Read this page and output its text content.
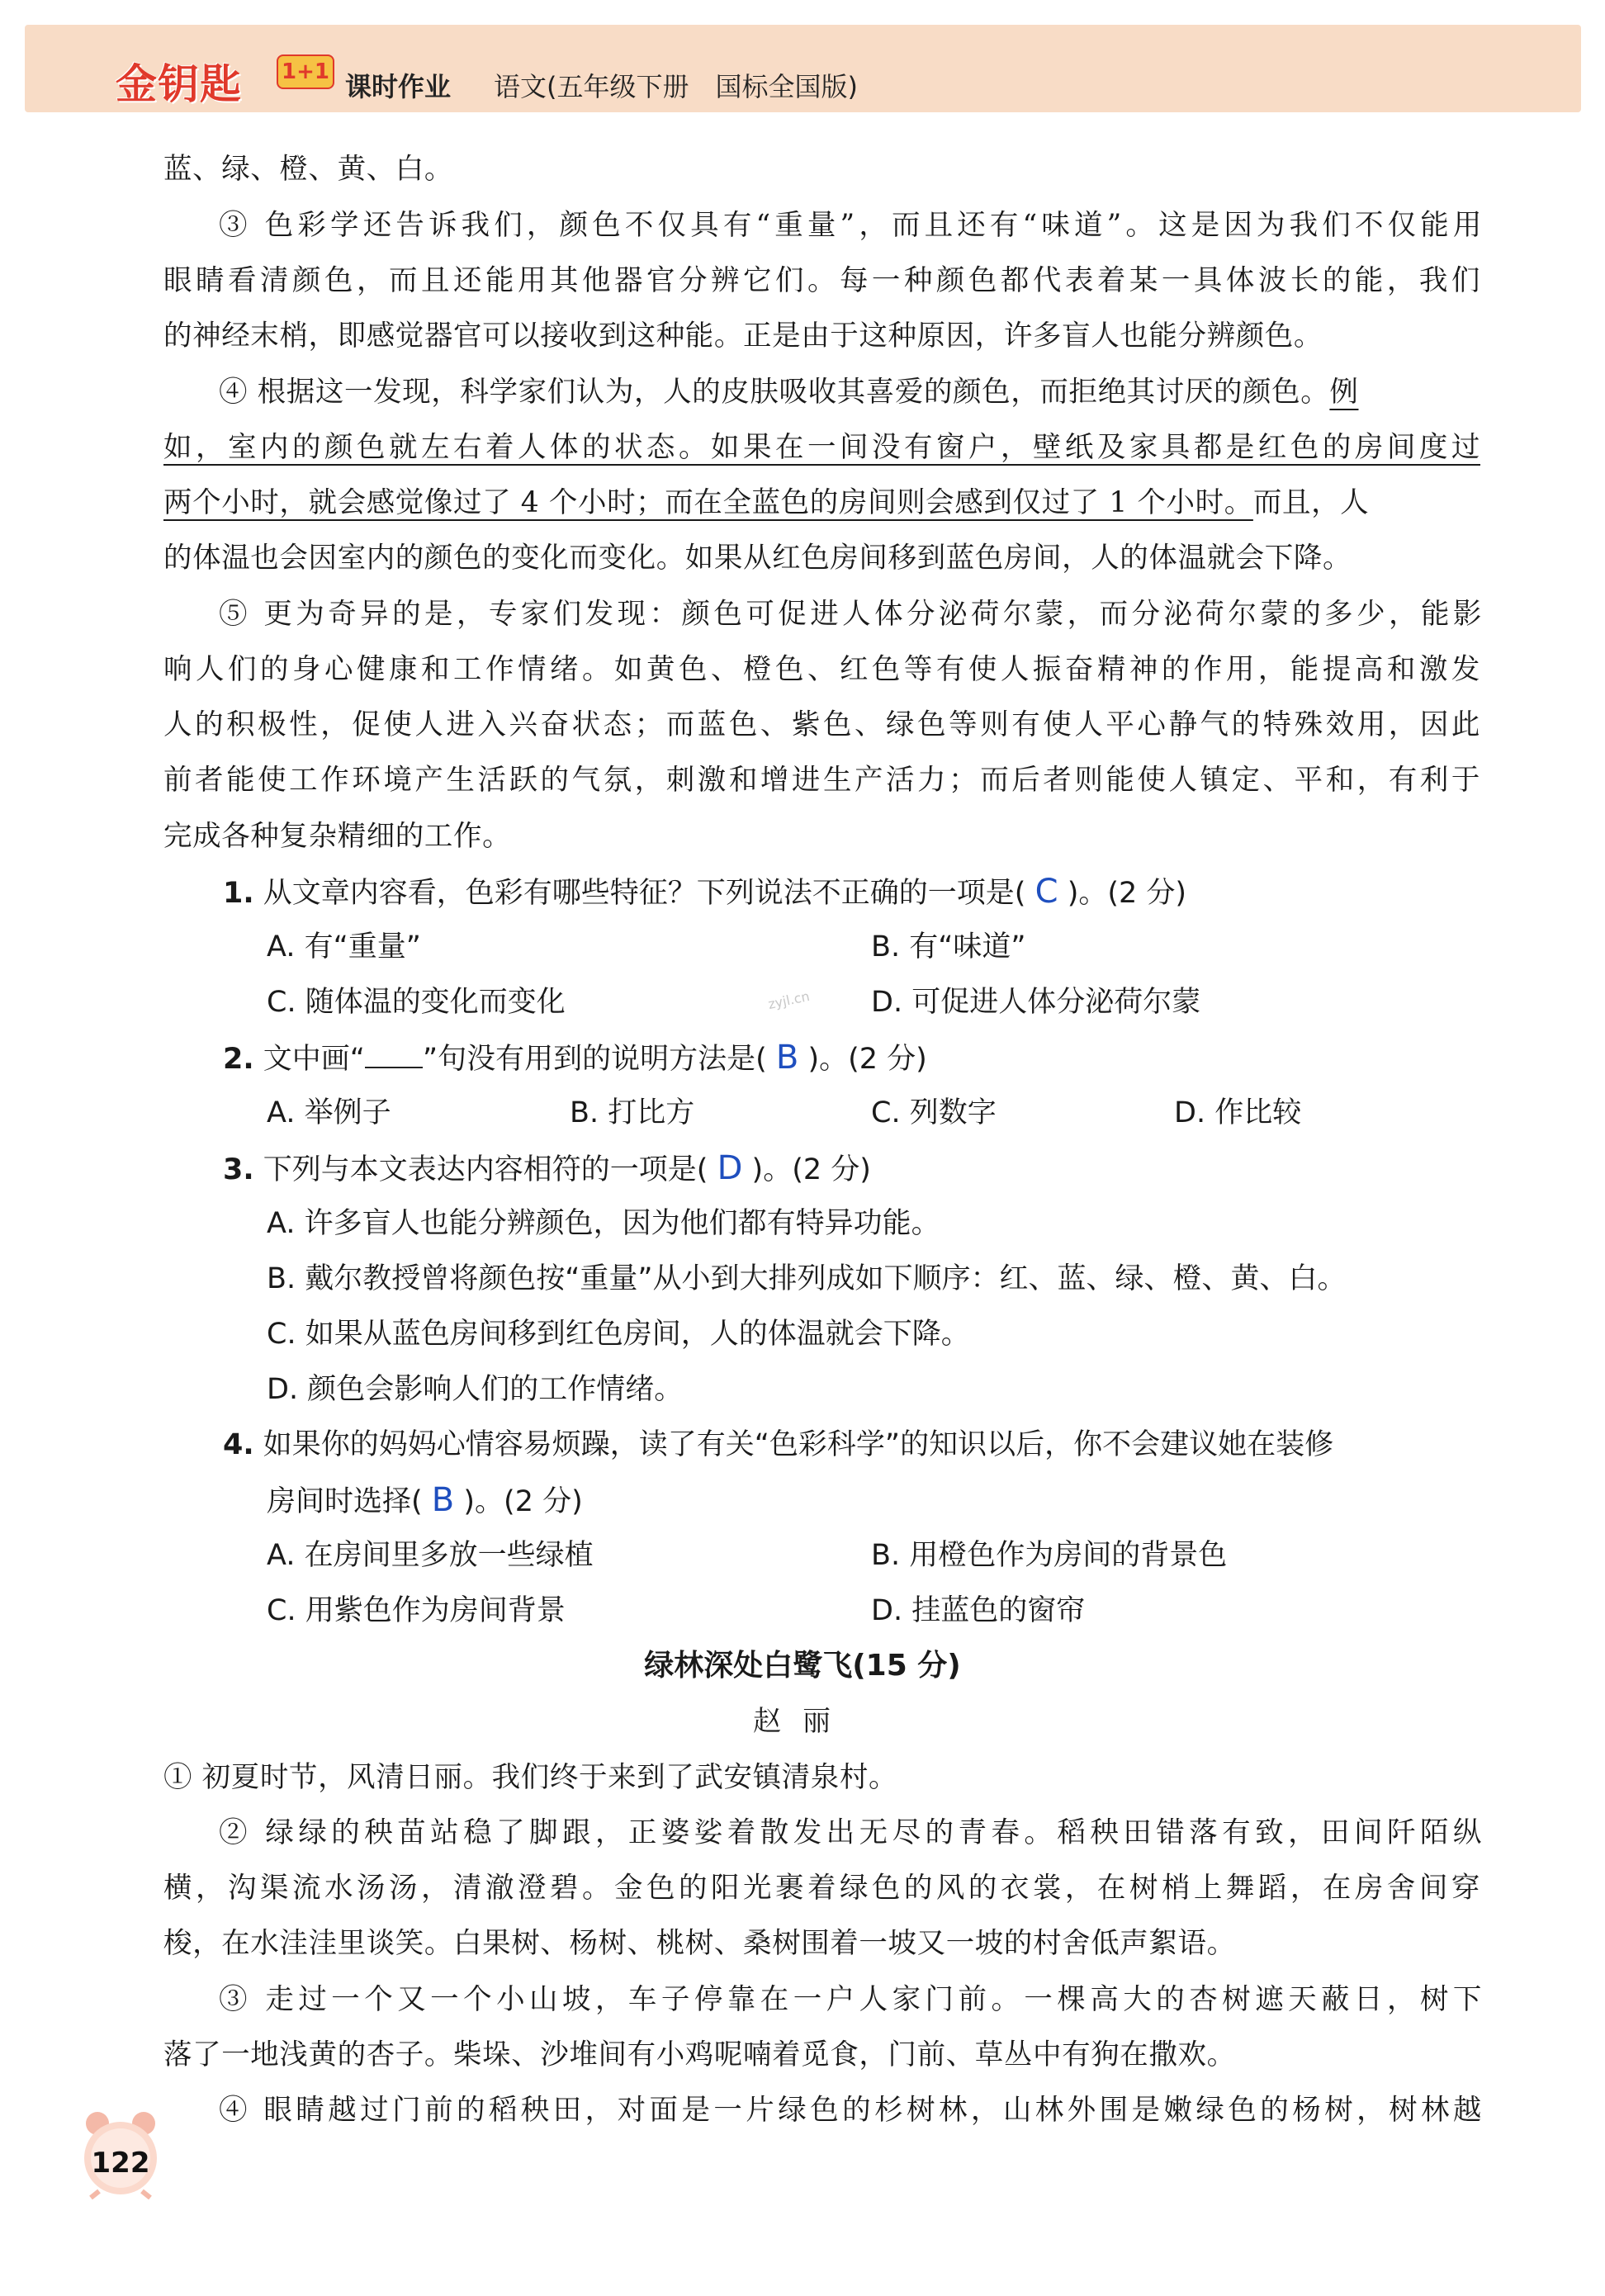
金钥匙 1+1 课时作业 语文(五年级下册　国标全国版)
蓝、绿、橙、黄、白。
③ 色彩学还告诉我们，颜色不仅具有“重量”，而且还有“味道”。这是因为我们不仅能用
眼睛看清颜色，而且还能用其他器官分辨它们。每一种颜色都代表着某一具体波长的能，我们
的神经末梢，即感觉器官可以接收到这种能。正是由于这种原因，许多盲人也能分辨颜色。
④ 根据这一发现，科学家们认为，人的皮肤吸收其喜爱的颜色，而拒绝其讨厌的颜色。例
如，室内的颜色就左右着人体的状态。如果在一间没有窗户，壁纸及家具都是红色的房间度过
两个小时，就会感觉像过了 4 个小时；而在全蓝色的房间则会感到仅过了 1 个小时。而且，人
的体温也会因室内的颜色的变化而变化。如果从红色房间移到蓝色房间，人的体温就会下降。
⑤ 更为奇异的是，专家们发现：颜色可促进人体分泌荷尔蒙，而分泌荷尔蒙的多少，能影
响人们的身心健康和工作情绪。如黄色、橙色、红色等有使人振奋精神的作用，能提高和激发
人的积极性，促使人进入兴奋状态；而蓝色、紫色、绿色等则有使人平心静气的特殊效用，因此
前者能使工作环境产生活跃的气氛，刺激和增进生产活力；而后者则能使人镇定、平和，有利于
完成各种复杂精细的工作。
1. 从文章内容看，色彩有哪些特征？下列说法不正确的一项是( C )。(2 分)
A. 有“重量”	B. 有“味道”
C. 随体温的变化而变化	D. 可促进人体分泌荷尔蒙
zyjl.cn
2. 文中画“ ”句没有用到的说明方法是( B )。(2 分)
A. 举例子	B. 打比方	C. 列数字	D. 作比较
3. 下列与本文表达内容相符的一项是( D )。(2 分)
A. 许多盲人也能分辨颜色，因为他们都有特异功能。
B. 戴尔教授曾将颜色按“重量”从小到大排列成如下顺序：红、蓝、绿、橙、黄、白。
C. 如果从蓝色房间移到红色房间，人的体温就会下降。
D. 颜色会影响人们的工作情绪。
4. 如果你的妈妈心情容易烦躁，读了有关“色彩科学”的知识以后，你不会建议她在装修
房间时选择( B )。(2 分)
A. 在房间里多放一些绿植	B. 用橙色作为房间的背景色
C. 用紫色作为房间背景	D. 挂蓝色的窗帘
绿林深处白鹭飞(15 分)
赵丽
① 初夏时节，风清日丽。我们终于来到了武安镇清泉村。
② 绿绿的秧苗站稳了脚跟，正婆娑着散发出无尽的青春。稻秧田错落有致，田间阡陌纵
横，沟渠流水汤汤，清澈澄碧。金色的阳光裹着绿色的风的衣裳，在树梢上舞蹈，在房舍间穿
梭，在水洼洼里谈笑。白果树、杨树、桃树、桑树围着一坡又一坡的村舍低声絮语。
③ 走过一个又一个小山坡，车子停靠在一户人家门前。一棵高大的杏树遮天蔽日，树下
落了一地浅黄的杏子。柴垛、沙堆间有小鸡呢喃着觅食，门前、草丛中有狗在撒欢。
④ 眼睛越过门前的稻秧田，对面是一片绿色的杉树林，山林外围是嫩绿色的杨树，树林越
122
